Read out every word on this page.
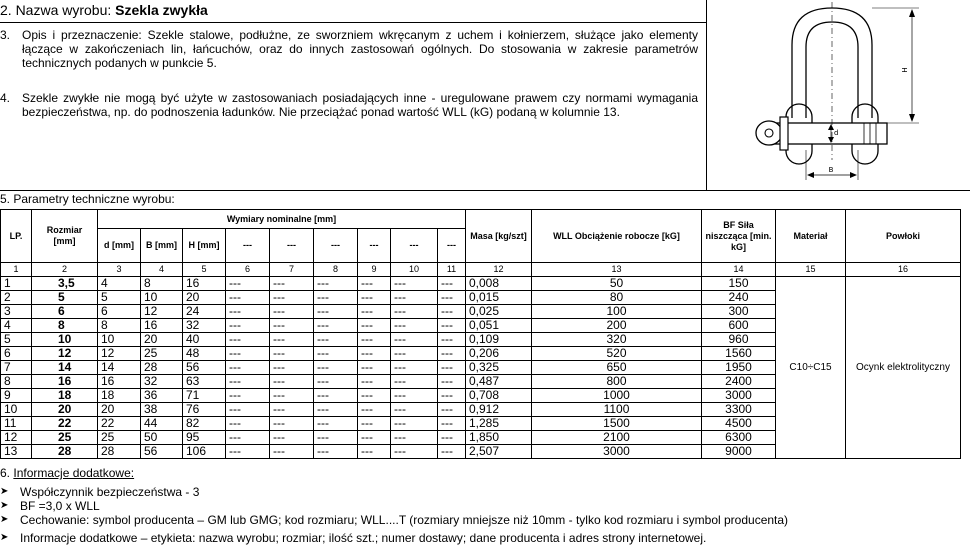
2. Nazwa wyrobu: Szekla zwykła
3. Opis i przeznaczenie: Szekle stalowe, podłużne, ze sworzniem wkręcanym z uchem i kołnierzem, służące jako elementy łączące w zakończeniach lin, łańcuchów, oraz do innych zastosowań ogólnych. Do stosowania w zakresie parametrów technicznych podanych w punkcie 5.
4. Szekle zwykłe nie mogą być użyte w zastosowaniach posiadających inne - uregulowane prawem czy normami wymagania bezpieczeństwa, np. do podnoszenia ładunków. Nie przeciążać ponad wartość WLL (kG) podaną w kolumnie 13.
H
d
B
5. Parametry techniczne wyrobu:
LP.	Rozmiar [mm]	Wymiary nominalne [mm]									Masa [kg/szt]	WLL Obciążenie robocze [kG]	BF Siła niszcząca [min. kG]	Materiał	Powłoki
		d [mm]	B [mm]	H [mm]	---	---	---	---	---	---					
1	2	3	4	5	6	7	8	9	10	11	12	13	14	15	16
1	3,5	4	8	16	---	---	---	---	---	---	0,008	50	150	C10÷C15	Ocynk elektrolityczny
2	5	5	10	20	---	---	---	---	---	---	0,015	80	240		
3	6	6	12	24	---	---	---	---	---	---	0,025	100	300		
4	8	8	16	32	---	---	---	---	---	---	0,051	200	600		
5	10	10	20	40	---	---	---	---	---	---	0,109	320	960		
6	12	12	25	48	---	---	---	---	---	---	0,206	520	1560		
7	14	14	28	56	---	---	---	---	---	---	0,325	650	1950		
8	16	16	32	63	---	---	---	---	---	---	0,487	800	2400		
9	18	18	36	71	---	---	---	---	---	---	0,708	1000	3000		
10	20	20	38	76	---	---	---	---	---	---	0,912	1100	3300		
11	22	22	44	82	---	---	---	---	---	---	1,285	1500	4500		
12	25	25	50	95	---	---	---	---	---	---	1,850	2100	6300		
13	28	28	56	106	---	---	---	---	---	---	2,507	3000	9000		
6. Informacje dodatkowe:
➤ Współczynnik bezpieczeństwa - 3
➤ BF =3,0 x WLL
➤ Cechowanie: symbol producenta – GM lub GMG; kod rozmiaru; WLL....T (rozmiary mniejsze niż 10mm - tylko kod rozmiaru i symbol producenta)
➤ Informacje dodatkowe – etykieta: nazwa wyrobu; rozmiar; ilość szt.; numer dostawy; dane producenta i adres strony internetowej.
